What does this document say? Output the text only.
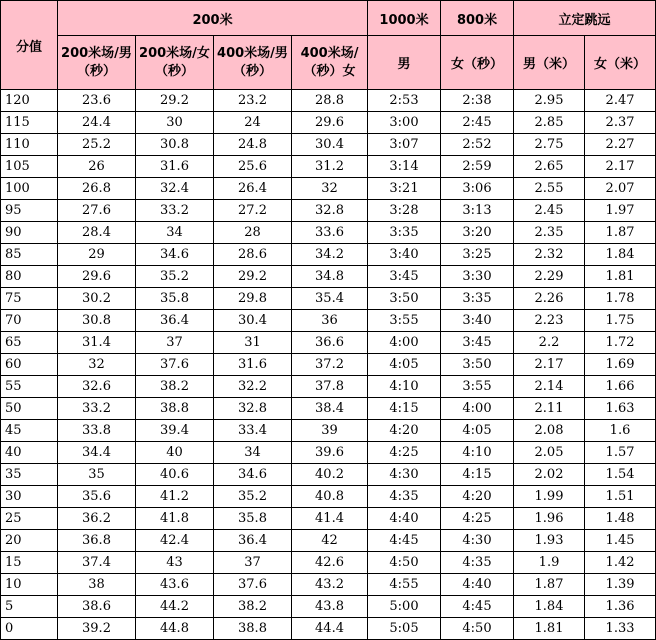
分值	200米				1000米	800米	立定跳远	
	200米场/男（秒）	200米场/女（秒）	400米场/男（秒）	400米场/（秒）女	男	女（秒）	男（米）	女（米）
120	23.6	29.2	23.2	28.8	2:53	2:38	2.95	2.47
115	24.4	30	24	29.6	3:00	2:45	2.85	2.37
110	25.2	30.8	24.8	30.4	3:07	2:52	2.75	2.27
105	26	31.6	25.6	31.2	3:14	2:59	2.65	2.17
100	26.8	32.4	26.4	32	3:21	3:06	2.55	2.07
95	27.6	33.2	27.2	32.8	3:28	3:13	2.45	1.97
90	28.4	34	28	33.6	3:35	3:20	2.35	1.87
85	29	34.6	28.6	34.2	3:40	3:25	2.32	1.84
80	29.6	35.2	29.2	34.8	3:45	3:30	2.29	1.81
75	30.2	35.8	29.8	35.4	3:50	3:35	2.26	1.78
70	30.8	36.4	30.4	36	3:55	3:40	2.23	1.75
65	31.4	37	31	36.6	4:00	3:45	2.2	1.72
60	32	37.6	31.6	37.2	4:05	3:50	2.17	1.69
55	32.6	38.2	32.2	37.8	4:10	3:55	2.14	1.66
50	33.2	38.8	32.8	38.4	4:15	4:00	2.11	1.63
45	33.8	39.4	33.4	39	4:20	4:05	2.08	1.6
40	34.4	40	34	39.6	4:25	4:10	2.05	1.57
35	35	40.6	34.6	40.2	4:30	4:15	2.02	1.54
30	35.6	41.2	35.2	40.8	4:35	4:20	1.99	1.51
25	36.2	41.8	35.8	41.4	4:40	4:25	1.96	1.48
20	36.8	42.4	36.4	42	4:45	4:30	1.93	1.45
15	37.4	43	37	42.6	4:50	4:35	1.9	1.42
10	38	43.6	37.6	43.2	4:55	4:40	1.87	1.39
5	38.6	44.2	38.2	43.8	5:00	4:45	1.84	1.36
0	39.2	44.8	38.8	44.4	5:05	4:50	1.81	1.33
